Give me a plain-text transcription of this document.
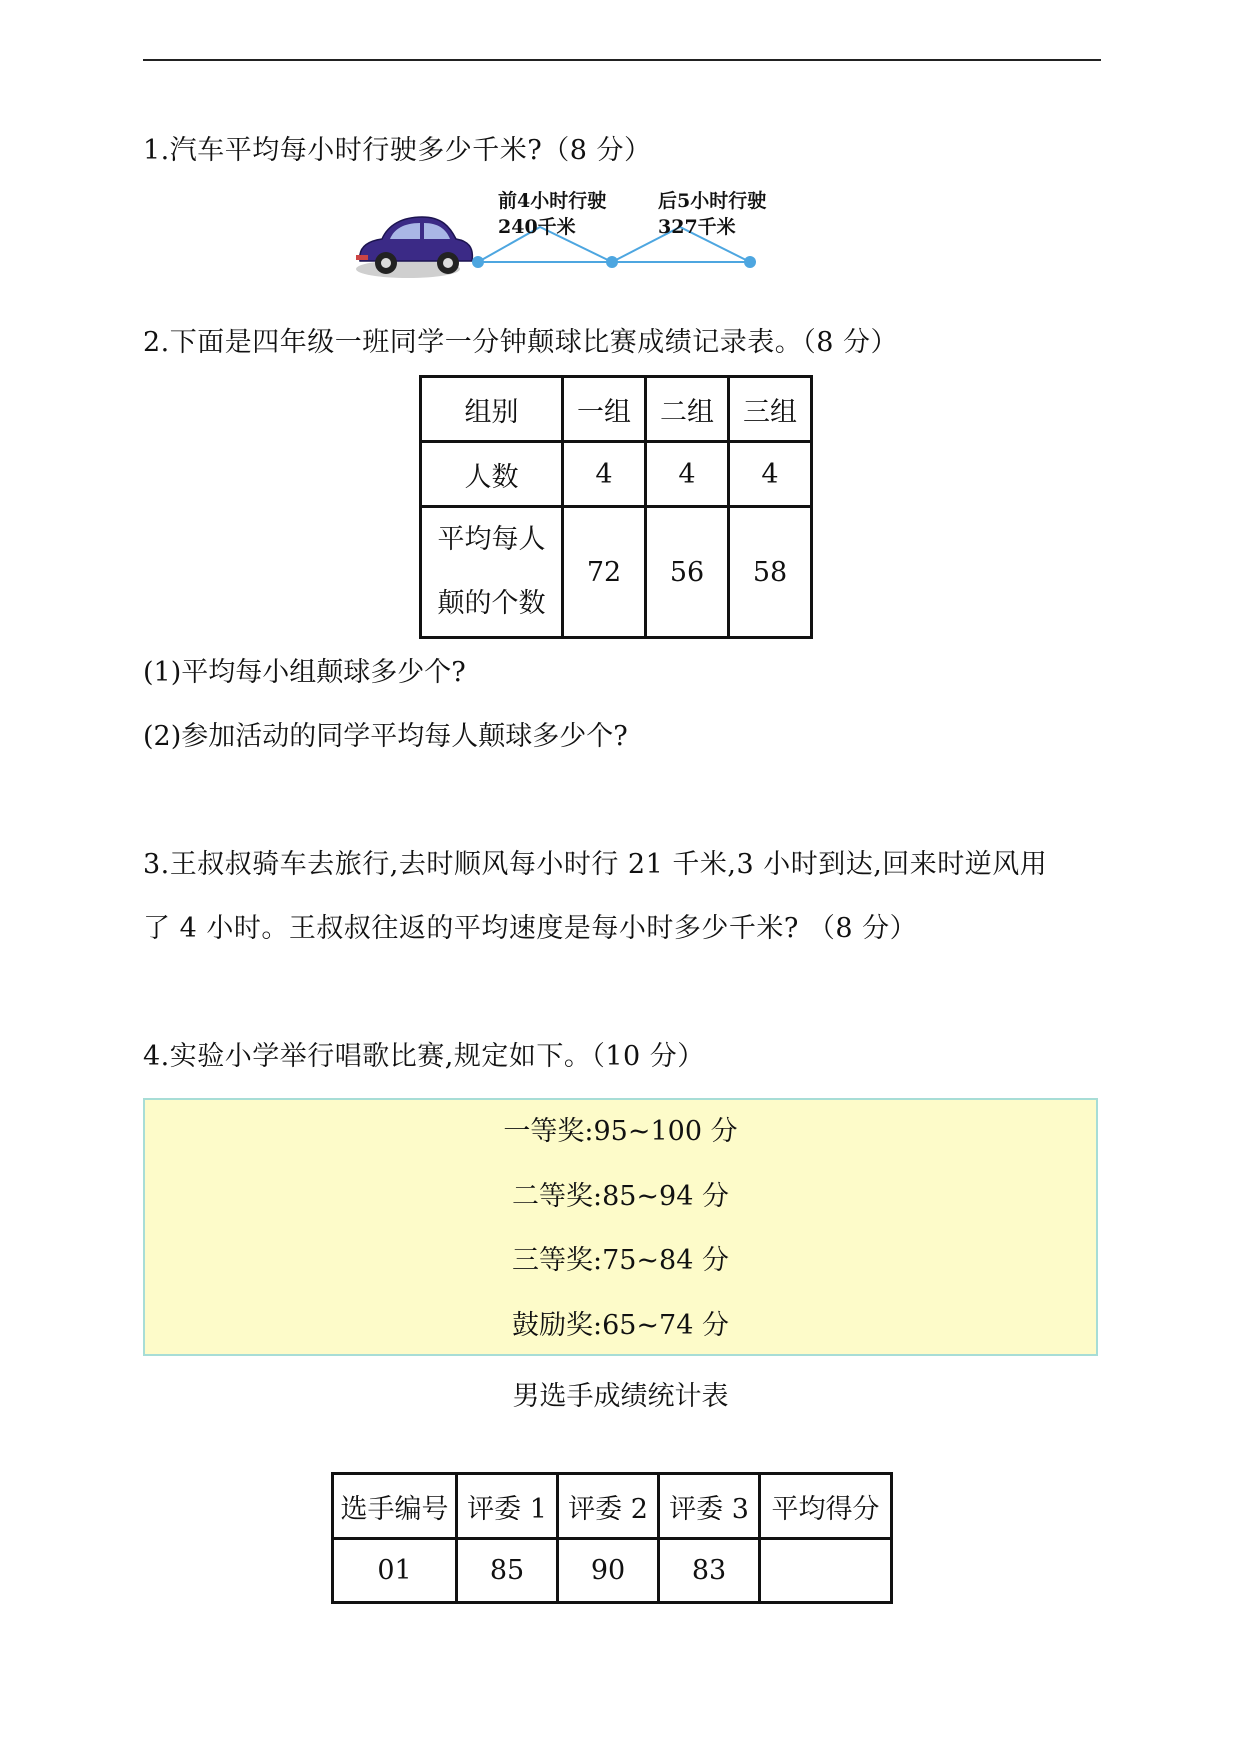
1.汽车平均每小时行驶多少千米?（8 分）
前4小时行驶
240千米
后5小时行驶
327千米
2.下面是四年级一班同学一分钟颠球比赛成绩记录表。（8 分）
组别	一组	二组	三组
人数	4	4	4

平均每人
颠的个数	72	56	58
(1)平均每小组颠球多少个?
(2)参加活动的同学平均每人颠球多少个?
3.王叔叔骑车去旅行,去时顺风每小时行 21 千米,3 小时到达,回来时逆风用
了 4 小时。王叔叔往返的平均速度是每小时多少千米? （8 分）
4.实验小学举行唱歌比赛,规定如下。（10 分）
一等奖:95~100 分
二等奖:85~94 分
三等奖:75~84 分
鼓励奖:65~74 分
男选手成绩统计表
选手编号	评委 1	评委 2	评委 3	平均得分
01	85	90	83	
